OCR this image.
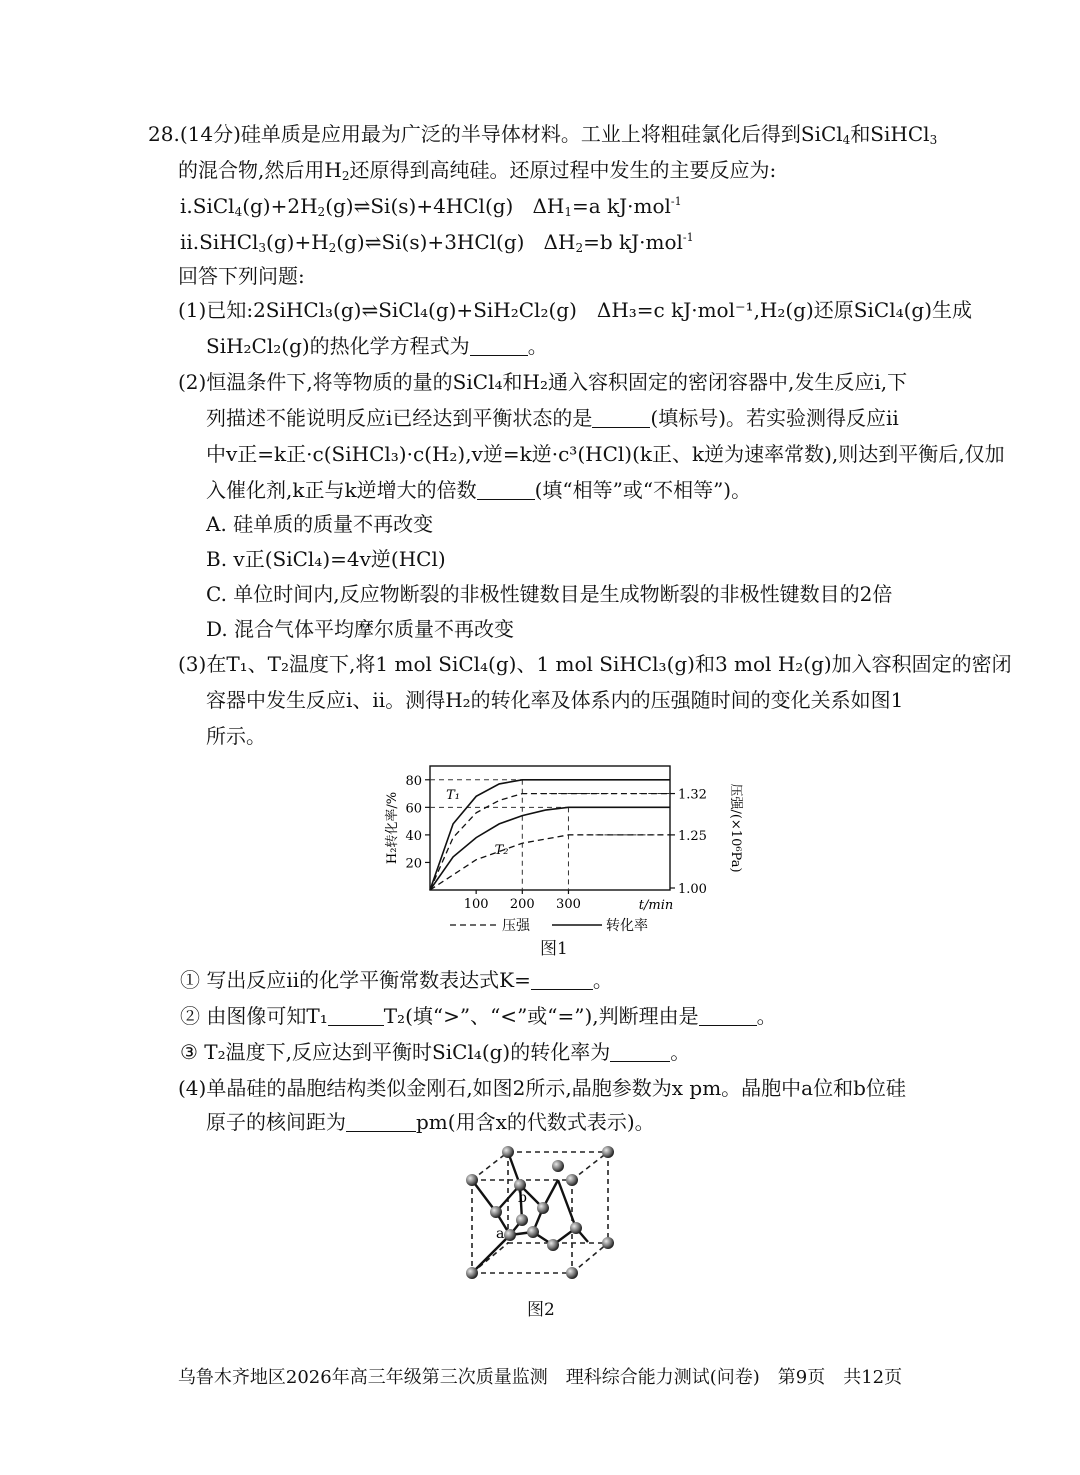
28.(14分)硅单质是应用最为广泛的半导体材料。工业上将粗硅氯化后得到SiCl$_4$和SiHCl$_3$
的混合物,然后用$H_2$还原得到高纯硅。还原过程中发生的主要反应为:
$ⅰ.SiCl_4(g)+2H_2(g)\rightleftharpoons Si(s)+4HCl(g)$ $\Delta H_1=a$ kJ·mol$^{-1}$
$ⅱ.SiHCl_3(g)+H_2(g)\rightleftharpoons Si(s)+3HCl(g)$ $\Delta H_2=b$ kJ·mol$^{-1}$
回答下列问题:
(1)已知:2SiHCl₃(g)⇌SiCl₄(g)+SiH₂Cl₂(g)　ΔH₃=c kJ·mol⁻¹,H₂(g)还原SiCl₄(g)生成
SiH₂Cl₂(g)的热化学方程式为	。
(2)恒温条件下,将等物质的量的SiCl₄和H₂通入容积固定的密闭容器中,发生反应ⅰ,下
列描述不能说明反应ⅰ已经达到平衡状态的是	(填标号)。若实验测得反应ⅱ
中v正=k正·c(SiHCl₃)·c(H₂),v逆=k逆·c³(HCl)(k正、k逆为速率常数),则达到平衡后,仅加
入催化剂,k正与k逆增大的倍数	(填“相等”或“不相等”)。
A. 硅单质的质量不再改变
B. v正(SiCl₄)=4v逆(HCl)
C. 单位时间内,反应物断裂的非极性键数目是生成物断裂的非极性键数目的2倍
D. 混合气体平均摩尔质量不再改变
(3)在T₁、T₂温度下,将1 mol SiCl₄(g)、1 mol SiHCl₃(g)和3 mol H₂(g)加入容积固定的密闭
容器中发生反应ⅰ、ⅱ。测得H₂的转化率及体系内的压强随时间的变化关系如图1
所示。
20
40
60
80
100 200 300	t/min
T₁
T₂
1.00
1.25
1.32
H₂转化率/%	压强/(×10⁶Pa)
压强	转化率
图1
① 写出反应ⅱ的化学平衡常数表达式K=	。
② 由图像可知T₁	T₂(填“>”、“<”或“=”),判断理由是	。
③ T₂温度下,反应达到平衡时SiCl₄(g)的转化率为	。
(4)单晶硅的晶胞结构类似金刚石,如图2所示,晶胞参数为x pm。晶胞中a位和b位硅
原子的核间距为	pm(用含x的代数式表示)。
a
b
图2
乌鲁木齐地区2026年高三年级第三次质量监测　理科综合能力测试(问卷)　第9页　共12页
